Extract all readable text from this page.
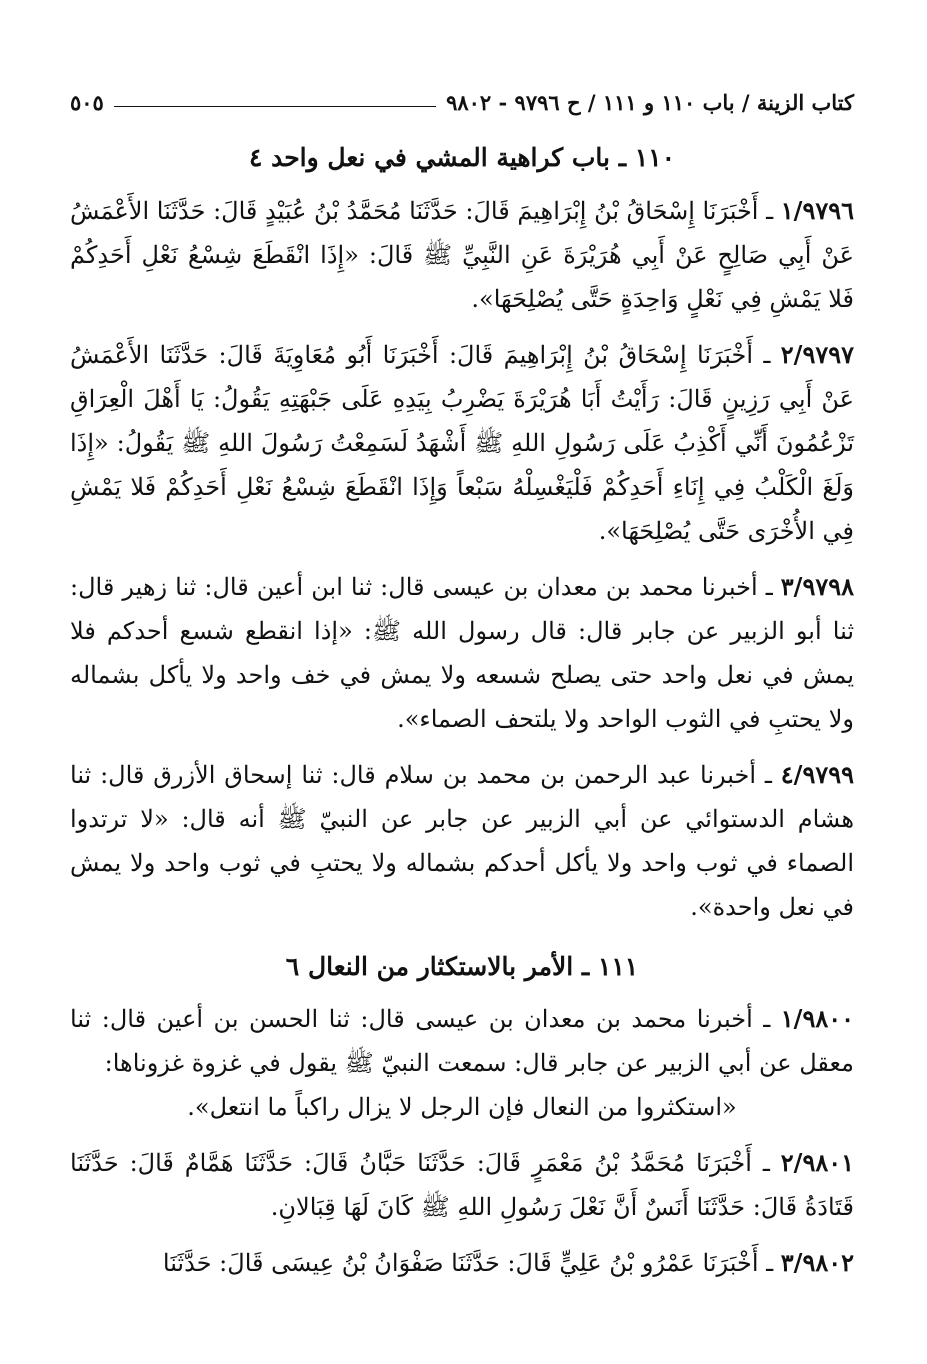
كتاب الزينة / باب ١١٠ و ١١١ / ح ٩٧٩٦ - ٩٨٠٢
٥٠٥
١١٠ ـ باب كراهية المشي في نعل واحد ٤

١/٩٧٩٦ ـ أَخْبَرَنَا إِسْحَاقُ بْنُ إِبْرَاهِيمَ قَالَ: حَدَّثَنَا مُحَمَّدُ بْنُ عُبَيْدٍ قَالَ: حَدَّثَنَا الأَعْمَشُ عَنْ أَبِي صَالِحٍ عَنْ أَبِي هُرَيْرَةَ عَنِ النَّبِيِّ ﷺ قَالَ: «إِذَا انْقَطَعَ شِسْعُ نَعْلِ أَحَدِكُمْ فَلا يَمْشِ فِي نَعْلٍ وَاحِدَةٍ حَتَّى يُصْلِحَهَا».

٢/٩٧٩٧ ـ أَخْبَرَنَا إِسْحَاقُ بْنُ إِبْرَاهِيمَ قَالَ: أَخْبَرَنَا أَبُو مُعَاوِيَةَ قَالَ: حَدَّثَنَا الأَعْمَشُ عَنْ أَبِي رَزِينٍ قَالَ: رَأَيْتُ أَبَا هُرَيْرَةَ يَضْرِبُ بِيَدِهِ عَلَى جَبْهَتِهِ يَقُولُ: يَا أَهْلَ الْعِرَاقِ تَزْعُمُونَ أَنِّي أَكْذِبُ عَلَى رَسُولِ اللهِ ﷺ أَشْهَدُ لَسَمِعْتُ رَسُولَ اللهِ ﷺ يَقُولُ: «إِذَا وَلَغَ الْكَلْبُ فِي إِنَاءِ أَحَدِكُمْ فَلْيَغْسِلْهُ سَبْعاً وَإِذَا انْقَطَعَ شِسْعُ نَعْلِ أَحَدِكُمْ فَلا يَمْشِ فِي الأُخْرَى حَتَّى يُصْلِحَهَا».

٣/٩٧٩٨ ـ أخبرنا محمد بن معدان بن عيسى قال: ثنا ابن أعين قال: ثنا زهير قال: ثنا أبو الزبير عن جابر قال: قال رسول الله ﷺ: «إذا انقطع شسع أحدكم فلا يمش في نعل واحد حتى يصلح شسعه ولا يمش في خف واحد ولا يأكل بشماله ولا يحتبِ في الثوب الواحد ولا يلتحف الصماء».

٤/٩٧٩٩ ـ أخبرنا عبد الرحمن بن محمد بن سلام قال: ثنا إسحاق الأزرق قال: ثنا هشام الدستوائي عن أبي الزبير عن جابر عن النبيّ ﷺ أنه قال: «لا ترتدوا الصماء في ثوب واحد ولا يأكل أحدكم بشماله ولا يحتبِ في ثوب واحد ولا يمش في نعل واحدة».

١١١ ـ الأمر بالاستكثار من النعال ٦

١/٩٨٠٠ ـ أخبرنا محمد بن معدان بن عيسى قال: ثنا الحسن بن أعين قال: ثنا معقل عن أبي الزبير عن جابر قال: سمعت النبيّ ﷺ يقول في غزوة غزوناها:
«استكثروا من النعال فإن الرجل لا يزال راكباً ما انتعل».

٢/٩٨٠١ ـ أَخْبَرَنَا مُحَمَّدُ بْنُ مَعْمَرٍ قَالَ: حَدَّثَنَا حَبَّانُ قَالَ: حَدَّثَنَا هَمَّامٌ قَالَ: حَدَّثَنَا قَتَادَةُ قَالَ: حَدَّثَنَا أَنَسٌ أَنَّ نَعْلَ رَسُولِ اللهِ ﷺ كَانَ لَهَا قِبَالانِ.

٣/٩٨٠٢ ـ أَخْبَرَنَا عَمْرُو بْنُ عَلِيٍّ قَالَ: حَدَّثَنَا صَفْوَانُ بْنُ عِيسَى قَالَ: حَدَّثَنَا
